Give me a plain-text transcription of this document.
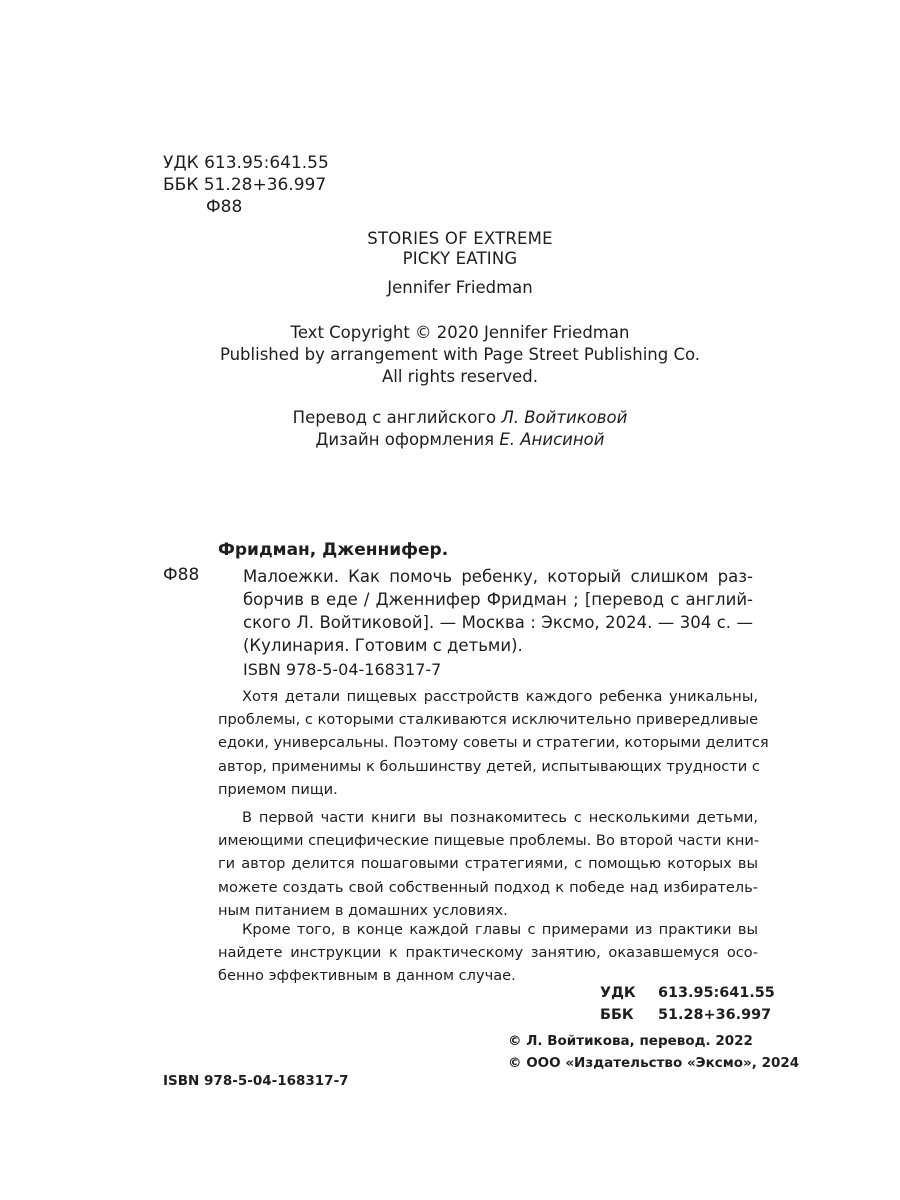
УДК 613.95:641.55
ББК 51.28+36.997
Ф88
STORIES OF EXTREME
PICKY EATING
Jennifer Friedman
Text Copyright © 2020 Jennifer Friedman
Published by arrangement with Page Street Publishing Co.
All rights reserved.
Перевод с английского Л. Войтиковой
Дизайн оформления Е. Анисиной
Фридман, Дженнифер.
Ф88	Малоежки. Как помочь ребенку, который слишком раз-
борчив в еде / Дженнифер Фридман ; [перевод с англий-
ского Л. Войтиковой]. — Москва : Эксмо, 2024. — 304 с. —
(Кулинария. Готовим с детьми).
ISBN 978-5-04-168317-7
Хотя детали пищевых расстройств каждого ребенка уникальны,
проблемы, с которыми сталкиваются исключительно привередливые
едоки, универсальны. Поэтому советы и стратегии, которыми делится
автор, применимы к большинству детей, испытывающих трудности с
приемом пищи.
В первой части книги вы познакомитесь с несколькими детьми,
имеющими специфические пищевые проблемы. Во второй части кни-
ги автор делится пошаговыми стратегиями, с помощью которых вы
можете создать свой собственный подход к победе над избиратель-
ным питанием в домашних условиях.
Кроме того, в конце каждой главы с примерами из практики вы
найдете инструкции к практическому занятию, оказавшемуся осо-
бенно эффективным в данном случае.
УДК 613.95:641.55
ББК 51.28+36.997
ISBN 978-5-04-168317-7
© Л. Войтикова, перевод. 2022
© ООО «Издательство «Эксмо», 2024
